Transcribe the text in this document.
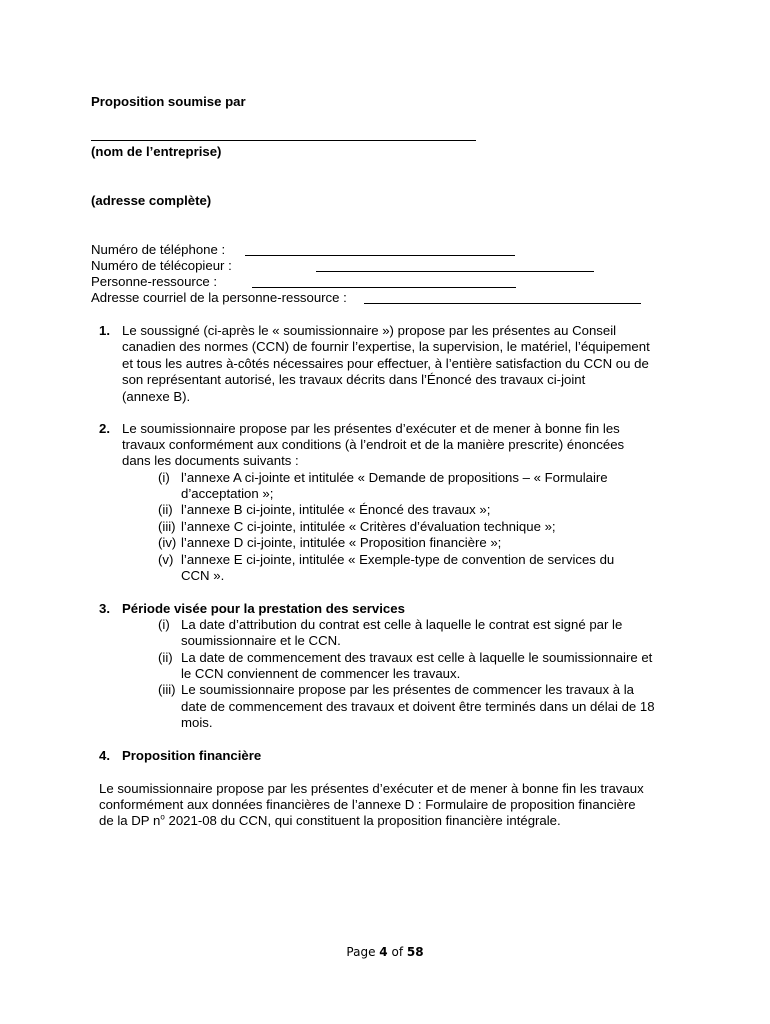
Proposition soumise par
(nom de l’entreprise)
(adresse complète)
Numéro de téléphone :
Numéro de télécopieur :
Personne-ressource :
Adresse courriel de la personne-ressource :
1. Le soussigné (ci-après le « soumissionnaire ») propose par les présentes au Conseil
canadien des normes (CCN) de fournir l’expertise, la supervision, le matériel, l’équipement
et tous les autres à-côtés nécessaires pour effectuer, à l’entière satisfaction du CCN ou de
son représentant autorisé, les travaux décrits dans l’Énoncé des travaux ci-joint
(annexe B).
2. Le soumissionnaire propose par les présentes d’exécuter et de mener à bonne fin les
travaux conformément aux conditions (à l’endroit et de la manière prescrite) énoncées
dans les documents suivants :
(i) l’annexe A ci-jointe et intitulée « Demande de propositions – « Formulaire
d’acceptation »;
(ii) l’annexe B ci-jointe, intitulée « Énoncé des travaux »;
(iii) l’annexe C ci-jointe, intitulée « Critères d’évaluation technique »;
(iv) l’annexe D ci-jointe, intitulée « Proposition financière »;
(v) l’annexe E ci-jointe, intitulée « Exemple-type de convention de services du
CCN ».
3. Période visée pour la prestation des services
(i) La date d’attribution du contrat est celle à laquelle le contrat est signé par le
soumissionnaire et le CCN.
(ii) La date de commencement des travaux est celle à laquelle le soumissionnaire et
le CCN conviennent de commencer les travaux.
(iii) Le soumissionnaire propose par les présentes de commencer les travaux à la
date de commencement des travaux et doivent être terminés dans un délai de 18
mois.
4. Proposition financière
Le soumissionnaire propose par les présentes d’exécuter et de mener à bonne fin les travaux
conformément aux données financières de l’annexe D : Formulaire de proposition financière
de la DP $n^o$ 2021-08 du CCN, qui constituent la proposition financière intégrale.
Page 4 of 58
